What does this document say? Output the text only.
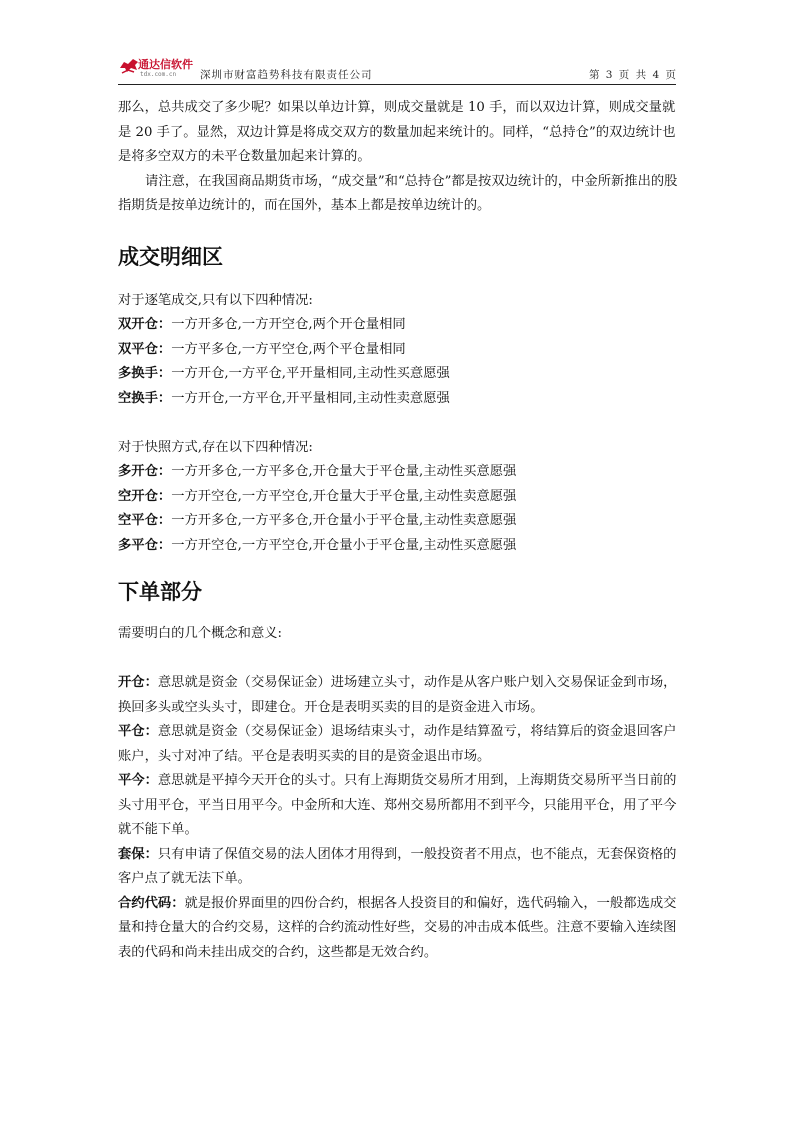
通达信软件
tdx.com.cn 深圳市财富趋势科技有限责任公司	第 3 页 共 4 页

那么，总共成交了多少呢？如果以单边计算，则成交量就是 10 手，而以双边计算，则成交量就是 20 手了。显然，双边计算是将成交双方的数量加起来统计的。同样，“总持仓”的双边统计也是将多空双方的未平仓数量加起来计算的。

请注意，在我国商品期货市场，“成交量”和“总持仓”都是按双边统计的，中金所新推出的股指期货是按单边统计的，而在国外，基本上都是按单边统计的。

成交明细区

对于逐笔成交,只有以下四种情况:

双开仓：一方开多仓,一方开空仓,两个开仓量相同

双平仓：一方平多仓,一方平空仓,两个平仓量相同

多换手：一方开仓,一方平仓,平开量相同,主动性买意愿强

空换手：一方开仓,一方平仓,开平量相同,主动性卖意愿强

对于快照方式,存在以下四种情况:

多开仓：一方开多仓,一方平多仓,开仓量大于平仓量,主动性买意愿强

空开仓：一方开空仓,一方平空仓,开仓量大于平仓量,主动性卖意愿强

空平仓：一方开多仓,一方平多仓,开仓量小于平仓量,主动性卖意愿强

多平仓：一方开空仓,一方平空仓,开仓量小于平仓量,主动性买意愿强

下单部分

需要明白的几个概念和意义:

开仓：意思就是资金（交易保证金）进场建立头寸，动作是从客户账户划入交易保证金到市场，换回多头或空头头寸，即建仓。开仓是表明买卖的目的是资金进入市场。

平仓：意思就是资金（交易保证金）退场结束头寸，动作是结算盈亏，将结算后的资金退回客户账户，头寸对冲了结。平仓是表明买卖的目的是资金退出市场。

平今：意思就是平掉今天开仓的头寸。只有上海期货交易所才用到，上海期货交易所平当日前的头寸用平仓，平当日用平今。中金所和大连、郑州交易所都用不到平今，只能用平仓，用了平今就不能下单。

套保：只有申请了保值交易的法人团体才用得到，一般投资者不用点，也不能点，无套保资格的客户点了就无法下单。

合约代码：就是报价界面里的四份合约，根据各人投资目的和偏好，选代码输入，一般都选成交量和持仓量大的合约交易，这样的合约流动性好些，交易的冲击成本低些。注意不要输入连续图表的代码和尚未挂出成交的合约，这些都是无效合约。
